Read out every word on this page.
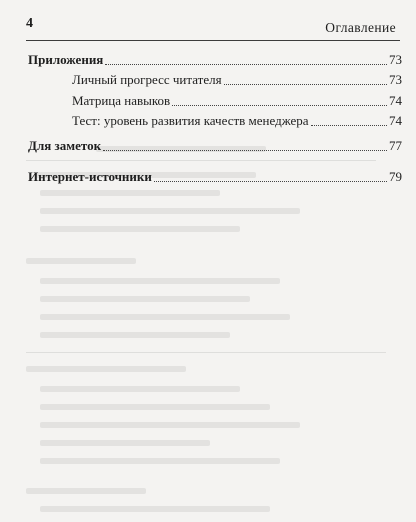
4	Оглавление
Приложения	73
Личный прогресс читателя	73
Матрица навыков	74
Тест: уровень развития качеств менеджера	74
Для заметок	77
Интернет-источники	79
